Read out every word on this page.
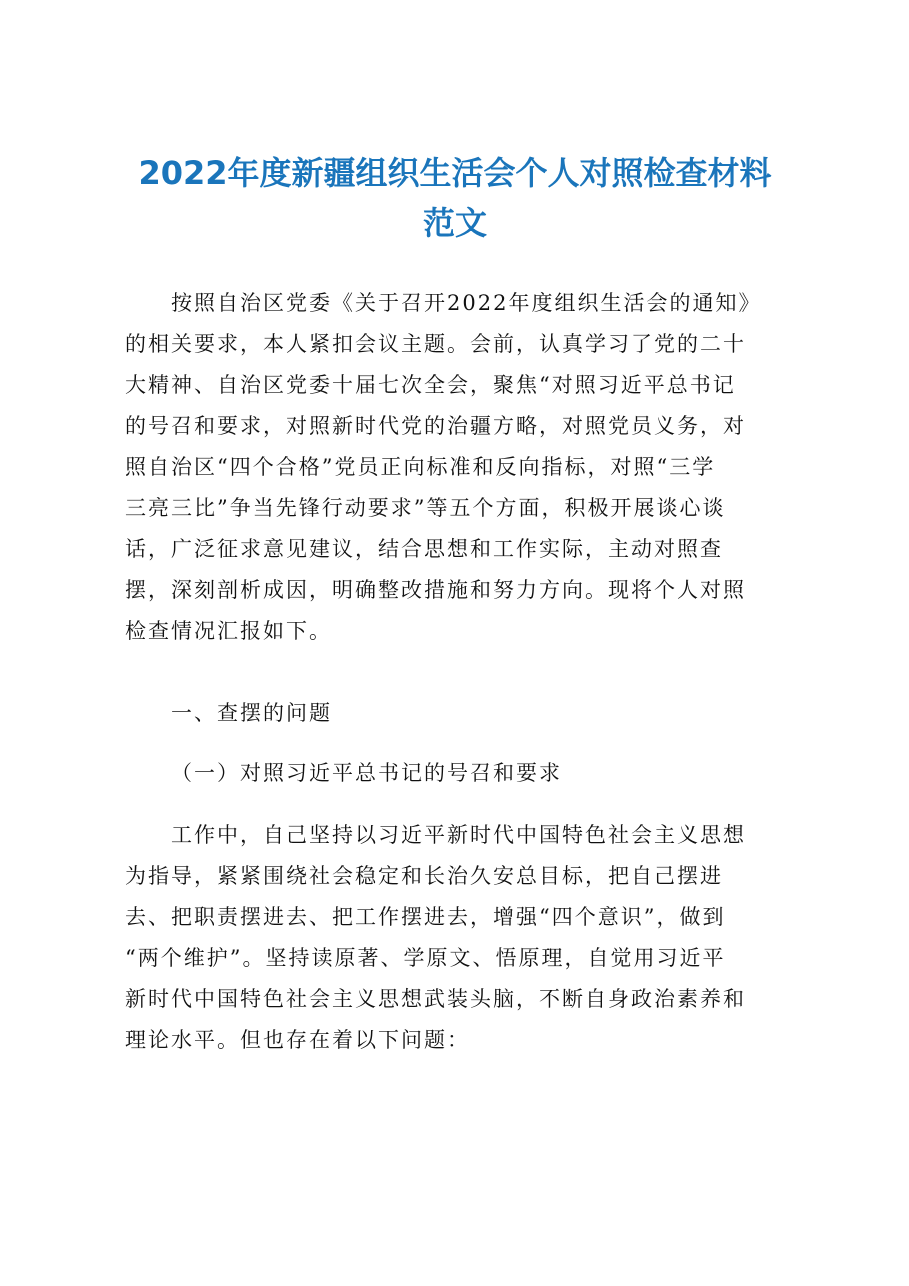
2022年度新疆组织生活会个人对照检查材料
范文
按照自治区党委《关于召开2022年度组织生活会的通知》
的相关要求，本人紧扣会议主题。会前，认真学习了党的二十
大精神、自治区党委十届七次全会，聚焦“对照习近平总书记
的号召和要求，对照新时代党的治疆方略，对照党员义务，对
照自治区“四个合格”党员正向标准和反向指标，对照“三学
三亮三比”争当先锋行动要求”等五个方面，积极开展谈心谈
话，广泛征求意见建议，结合思想和工作实际，主动对照查
摆，深刻剖析成因，明确整改措施和努力方向。现将个人对照
检查情况汇报如下。
一、查摆的问题
（一）对照习近平总书记的号召和要求
工作中，自己坚持以习近平新时代中国特色社会主义思想
为指导，紧紧围绕社会稳定和长治久安总目标，把自己摆进
去、把职责摆进去、把工作摆进去，增强“四个意识”，做到
“两个维护”。坚持读原著、学原文、悟原理，自觉用习近平
新时代中国特色社会主义思想武装头脑，不断自身政治素养和
理论水平。但也存在着以下问题：
